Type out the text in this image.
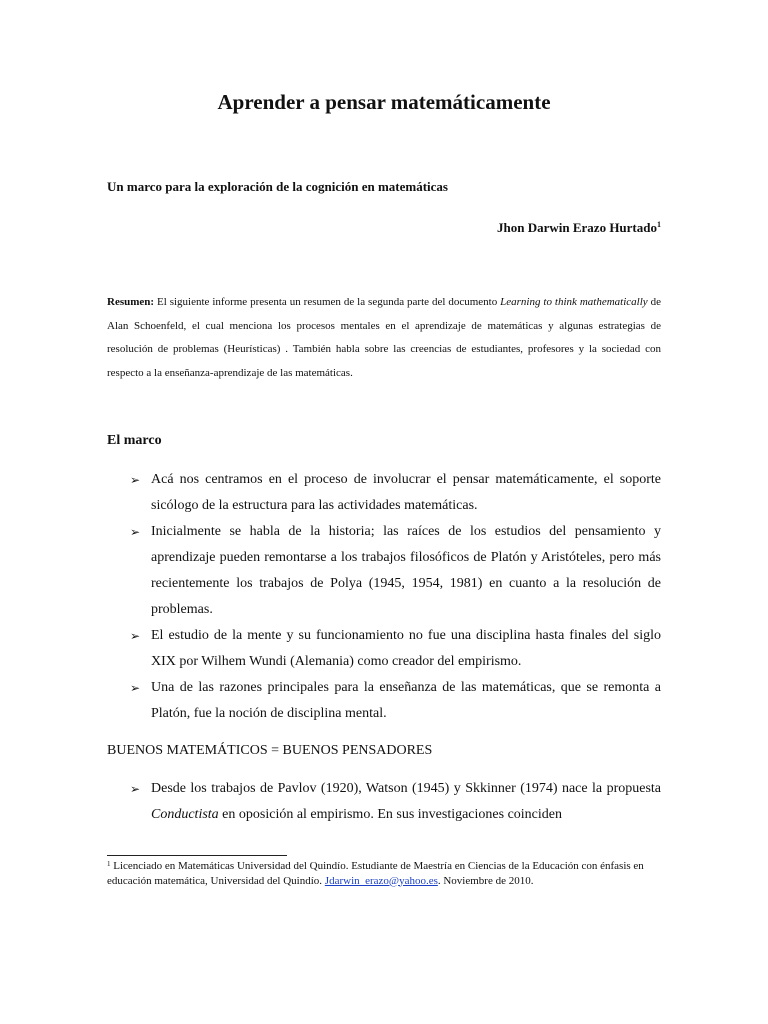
Aprender a pensar matemáticamente
Un marco para la exploración de la cognición en matemáticas
Jhon Darwin Erazo Hurtado$^1$
Resumen: El siguiente informe presenta un resumen de la segunda parte del documento Learning to think mathematically de Alan Schoenfeld, el cual menciona los procesos mentales en el aprendizaje de matemáticas y algunas estrategias de resolución de problemas (Heurísticas) . También habla sobre las creencias de estudiantes, profesores y la sociedad con respecto a la enseñanza-aprendizaje de las matemáticas.
El marco
➢ Acá nos centramos en el proceso de involucrar el pensar matemáticamente, el soporte sicólogo de la estructura para las actividades matemáticas.
➢ Inicialmente se habla de la historia; las raíces de los estudios del pensamiento y aprendizaje pueden remontarse a los trabajos filosóficos de Platón y Aristóteles, pero más recientemente los trabajos de Polya (1945, 1954, 1981) en cuanto a la resolución de problemas.
➢ El estudio de la mente y su funcionamiento no fue una disciplina hasta finales del siglo XIX por Wilhem Wundi (Alemania) como creador del empirismo.
➢ Una de las razones principales para la enseñanza de las matemáticas, que se remonta a Platón, fue la noción de disciplina mental.
BUENOS MATEMÁTICOS = BUENOS PENSADORES
➢ Desde los trabajos de Pavlov (1920), Watson (1945) y Skkinner (1974) nace la propuesta Conductista en oposición al empirismo. En sus investigaciones coinciden
$^1$ Licenciado en Matemáticas Universidad del Quindío. Estudiante de Maestría en Ciencias de la Educación con énfasis en educación matemática, Universidad del Quindío. Jdarwin_erazo@yahoo.es. Noviembre de 2010.
